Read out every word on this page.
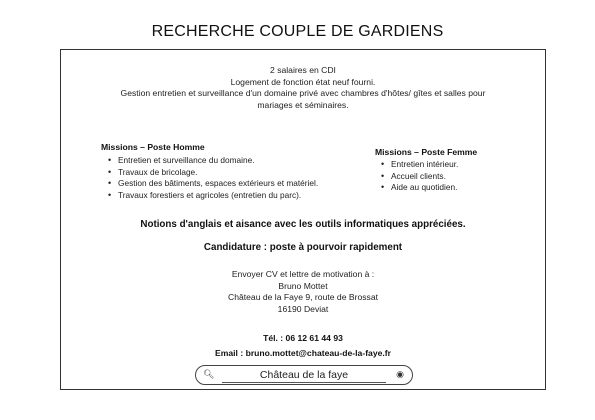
RECHERCHE COUPLE DE GARDIENS
2 salaires en CDI
Logement de fonction état neuf fourni.
Gestion entretien et surveillance d'un domaine privé avec chambres d'hôtes/ gîtes et salles pour
mariages et séminaires.
Missions – Poste Homme
• Entretien et surveillance du domaine.
• Travaux de bricolage.
• Gestion des bâtiments, espaces extérieurs et matériel.
• Travaux forestiers et agricoles (entretien du parc).
Missions – Poste Femme
• Entretien intérieur.
• Accueil clients.
• Aide au quotidien.
Notions d'anglais et aisance avec les outils informatiques appréciées.
Candidature : poste à pourvoir rapidement
Envoyer CV et lettre de motivation à :
Bruno Mottet
Château de la Faye 9, route de Brossat
16190 Deviat
Tél. : 06 12 61 44 93
Email : bruno.mottet@chateau-de-la-faye.fr
🔍︎	Château de la faye	◉
